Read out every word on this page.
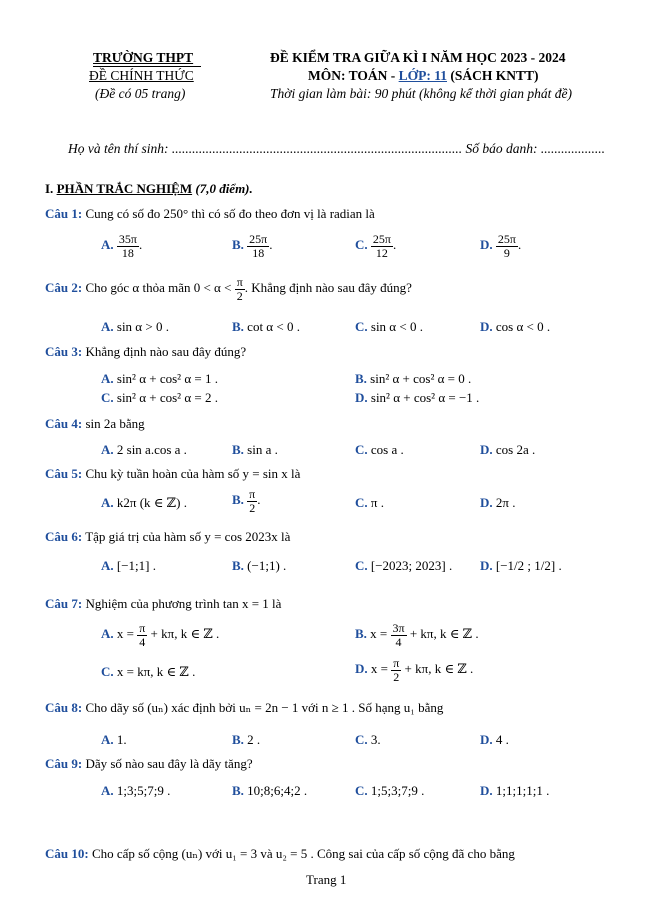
TRƯỜNG THPT	ĐỀ KIỂM TRA GIỮA KÌ I NĂM HỌC 2023 - 2024
ĐỀ CHÍNH THỨC	MÔN: TOÁN - LỚP: 11 (SÁCH KNTT)
(Đề có 05 trang)	Thời gian làm bài: 90 phút (không kể thời gian phát đề)
Họ và tên thí sinh: ...................................................................................... Số báo danh: ...................
I. PHẦN TRẮC NGHIỆM (7,0 điểm).
Câu 1: Cung có số đo 250° thì có số đo theo đơn vị là radian là
A. $\frac{35\pi}{18}$ .	B. $\frac{25\pi}{18}$ .	C. $\frac{25\pi}{12}$ .	D. $\frac{25\pi}{9}$ .
Câu 2: Cho góc α thỏa mãn $0 < \alpha < \frac{\pi}{2}$ . Khẳng định nào sau đây đúng?
A. sin α > 0 .	B. cot α < 0 .	C. sin α < 0 .	D. cos α < 0 .
Câu 3: Khẳng định nào sau đây đúng?
A. sin² α + cos² α = 1 .	B. sin² α + cos² α = 0 .
C. sin² α + cos² α = 2 .	D. sin² α + cos² α = −1 .
Câu 4: sin 2a bằng
A. 2 sin a.cos a .	B. sin a .	C. cos a .	D. cos 2a .
Câu 5: Chu kỳ tuần hoàn của hàm số y = sin x là
A. k2π (k ∈ ℤ) .	B. $\frac{\pi}{2}$ .	C. π .	D. 2π .
Câu 6: Tập giá trị của hàm số y = cos 2023x là
A. [−1;1] .	B. (−1;1) .	C. [−2023; 2023] . D. [−1/2 ; 1/2] .
Câu 7: Nghiệm của phương trình tan x = 1 là
A. $x = \frac{\pi}{4} + k\pi$, k ∈ ℤ .	B. $x = \frac{3\pi}{4} + k\pi$, k ∈ ℤ .
C. x = kπ, k ∈ ℤ .	D. $x = \frac{\pi}{2} + k\pi$, k ∈ ℤ .
Câu 8: Cho dãy số (uₙ) xác định bởi uₙ = 2n − 1 với n ≥ 1 . Số hạng u₁ bằng
A. 1.	B. 2 .	C. 3.	D. 4 .
Câu 9: Dãy số nào sau đây là dãy tăng?
A. 1;3;5;7;9 .	B. 10;8;6;4;2 .	C. 1;5;3;7;9 .	D. 1;1;1;1;1 .
Câu 10: Cho cấp số cộng (uₙ) với u₁ = 3 và u₂ = 5 . Công sai của cấp số cộng đã cho bằng
Trang 1
